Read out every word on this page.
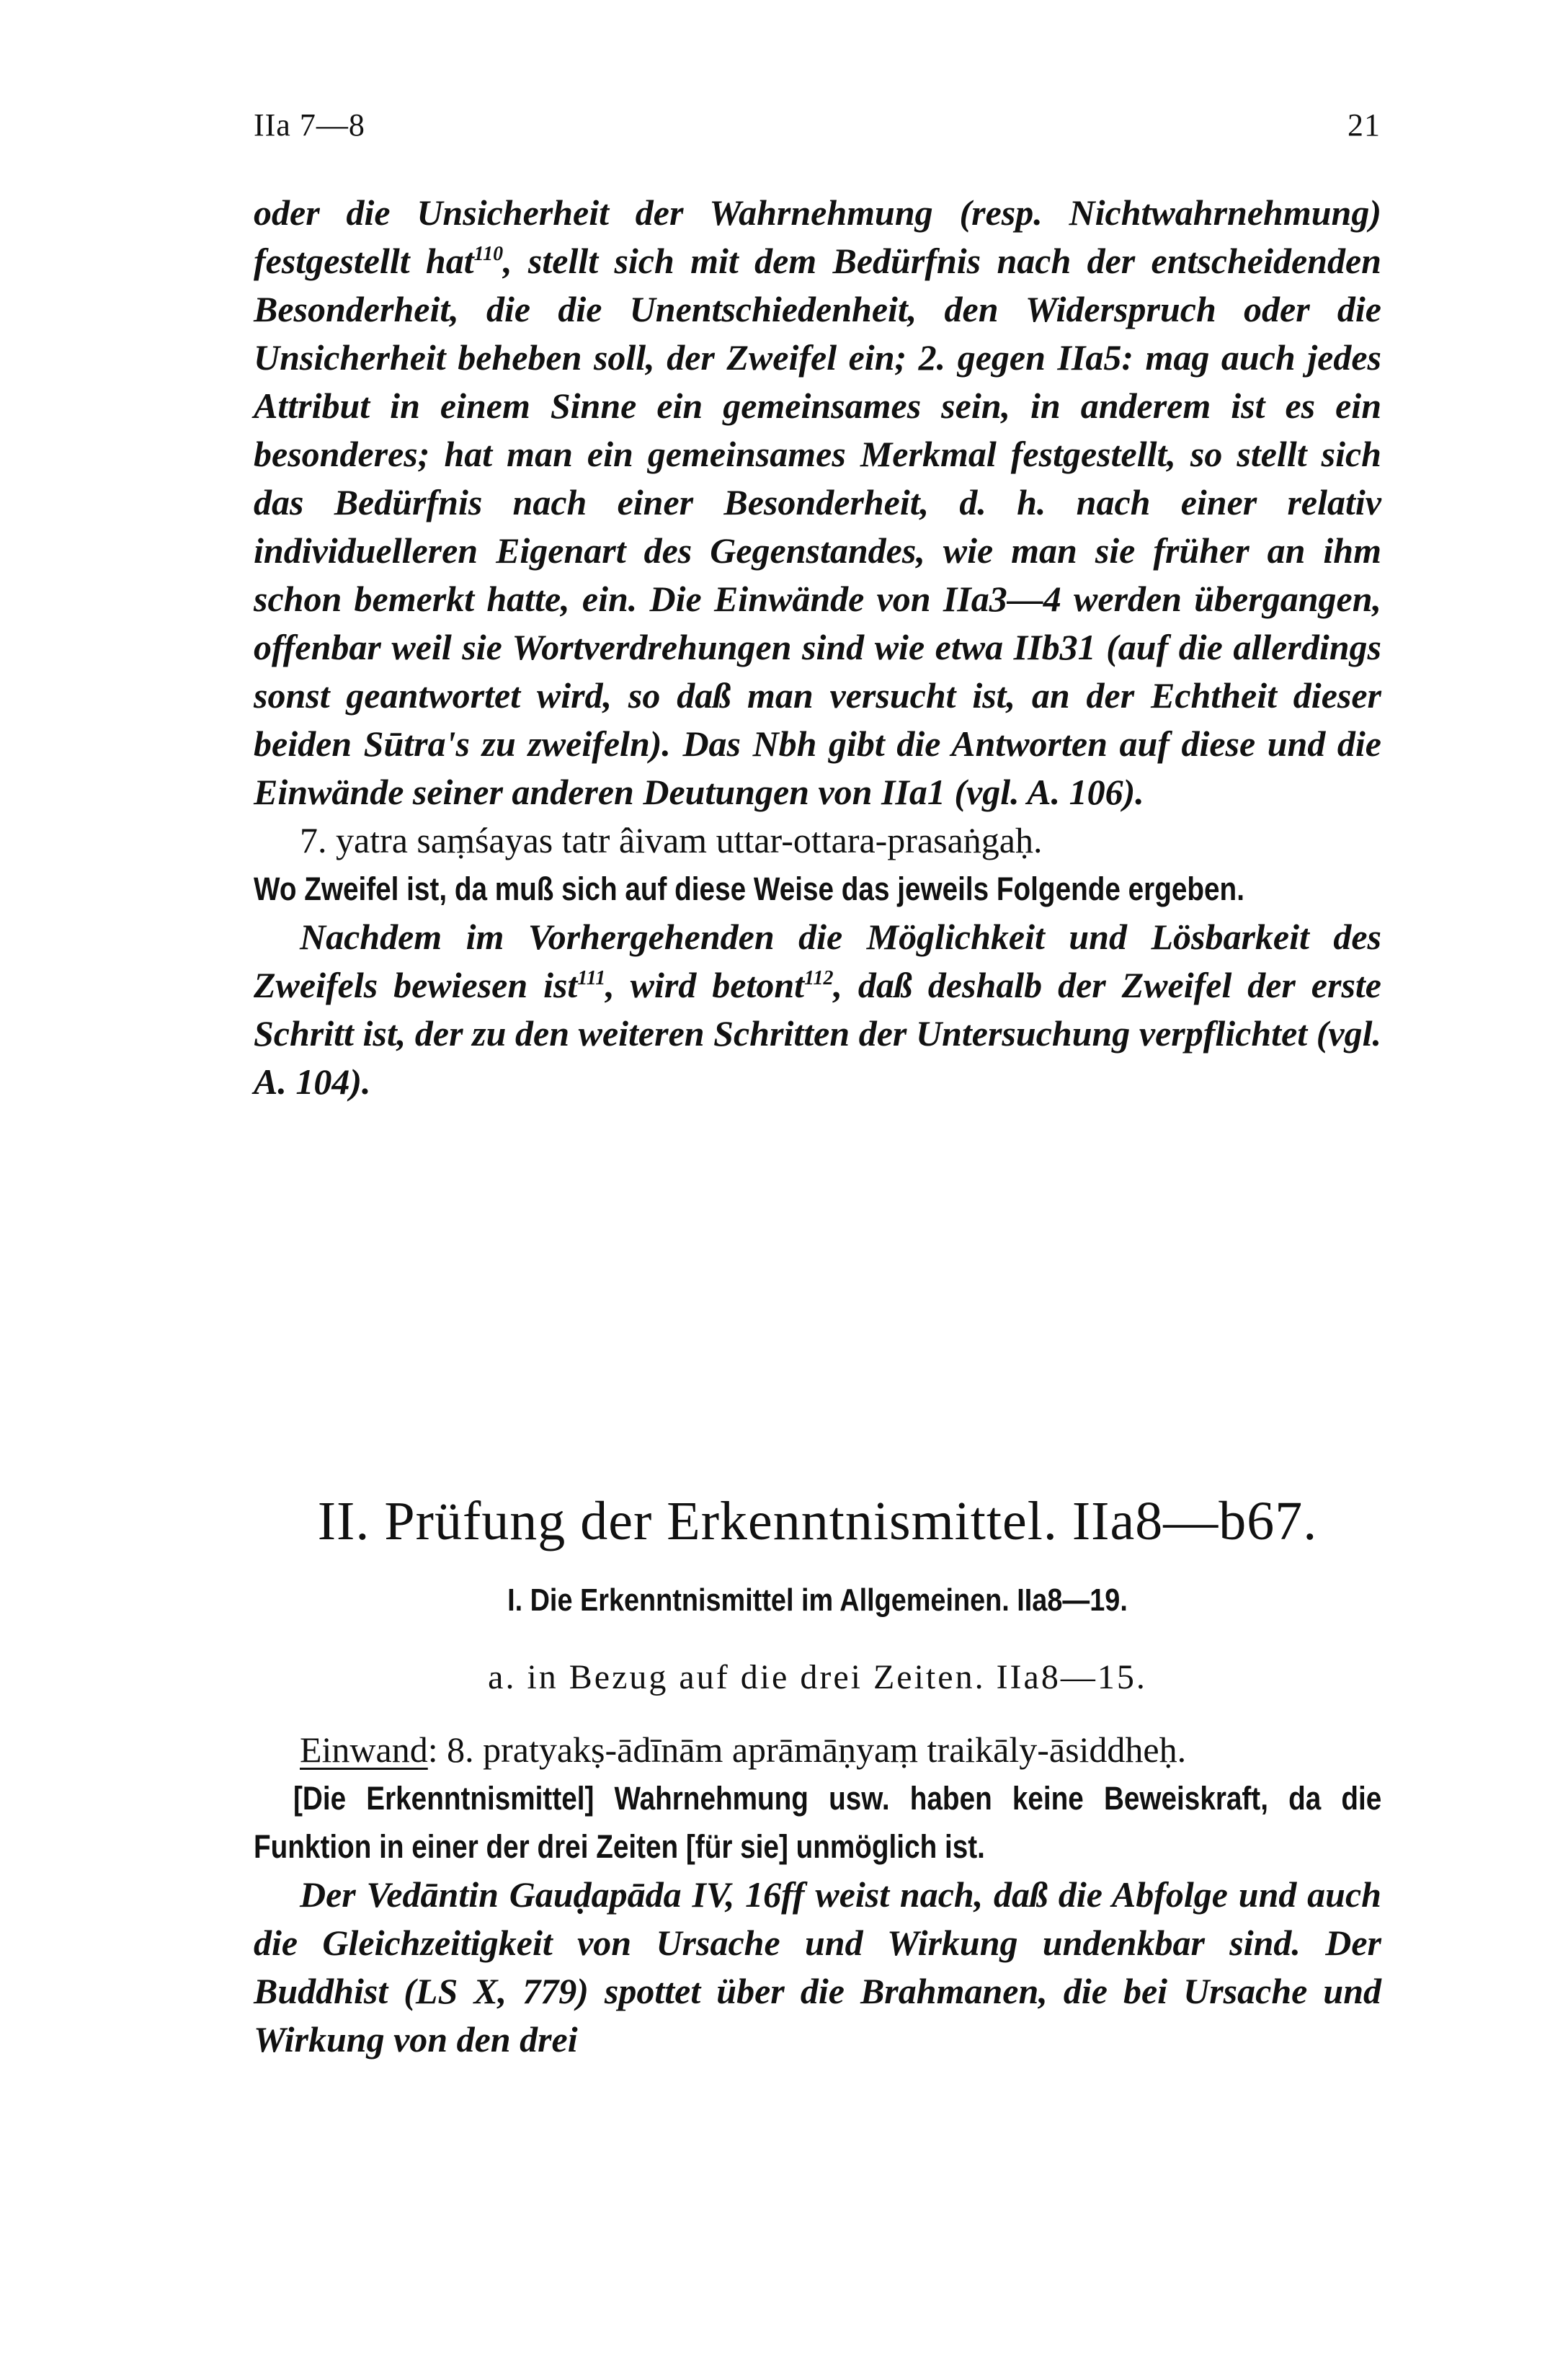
IIa 7—8	21

oder die Unsicherheit der Wahrnehmung (resp. Nichtwahrnehmung) festgestellt hat$^{110}$, stellt sich mit dem Bedürfnis nach der entscheidenden Besonderheit, die die Unentschiedenheit, den Widerspruch oder die Unsicherheit beheben soll, der Zweifel ein; 2. gegen IIa5: mag auch jedes Attribut in einem Sinne ein gemeinsames sein, in anderem ist es ein besonderes; hat man ein gemeinsames Merkmal festgestellt, so stellt sich das Bedürfnis nach einer Besonderheit, d. h. nach einer relativ individuelleren Eigenart des Gegenstandes, wie man sie früher an ihm schon bemerkt hatte, ein. Die Einwände von IIa3—4 werden übergangen, offenbar weil sie Wortverdrehungen sind wie etwa IIb31 (auf die allerdings sonst geantwortet wird, so daß man versucht ist, an der Echtheit dieser beiden Sūtra's zu zweifeln). Das Nbh gibt die Antworten auf diese und die Einwände seiner anderen Deutungen von IIa1 (vgl. A. 106).

7. yatra saṃśayas tatr âivam uttar-ottara-prasaṅgaḥ.

Wo Zweifel ist, da muß sich auf diese Weise das jeweils Folgende ergeben.

Nachdem im Vorhergehenden die Möglichkeit und Lösbarkeit des Zweifels bewiesen ist$^{111}$, wird betont$^{112}$, daß deshalb der Zweifel der erste Schritt ist, der zu den weiteren Schritten der Untersuchung verpflichtet (vgl. A. 104).

II. Prüfung der Erkenntnismittel. IIa8—b67.
I. Die Erkenntnismittel im Allgemeinen. IIa8—19.
a. in Bezug auf die drei Zeiten. IIa8—15.

Einwand: 8. pratyakṣ-ādīnām aprāmāṇyaṃ traikāly-āsiddheḥ.

[Die Erkenntnismittel] Wahrnehmung usw. haben keine Beweiskraft, da die Funktion in einer der drei Zeiten [für sie] unmöglich ist.

Der Vedāntin Gauḍapāda IV, 16ff weist nach, daß die Abfolge und auch die Gleichzeitigkeit von Ursache und Wirkung undenkbar sind. Der Buddhist (LS X, 779) spottet über die Brahmanen, die bei Ursache und Wirkung von den drei
